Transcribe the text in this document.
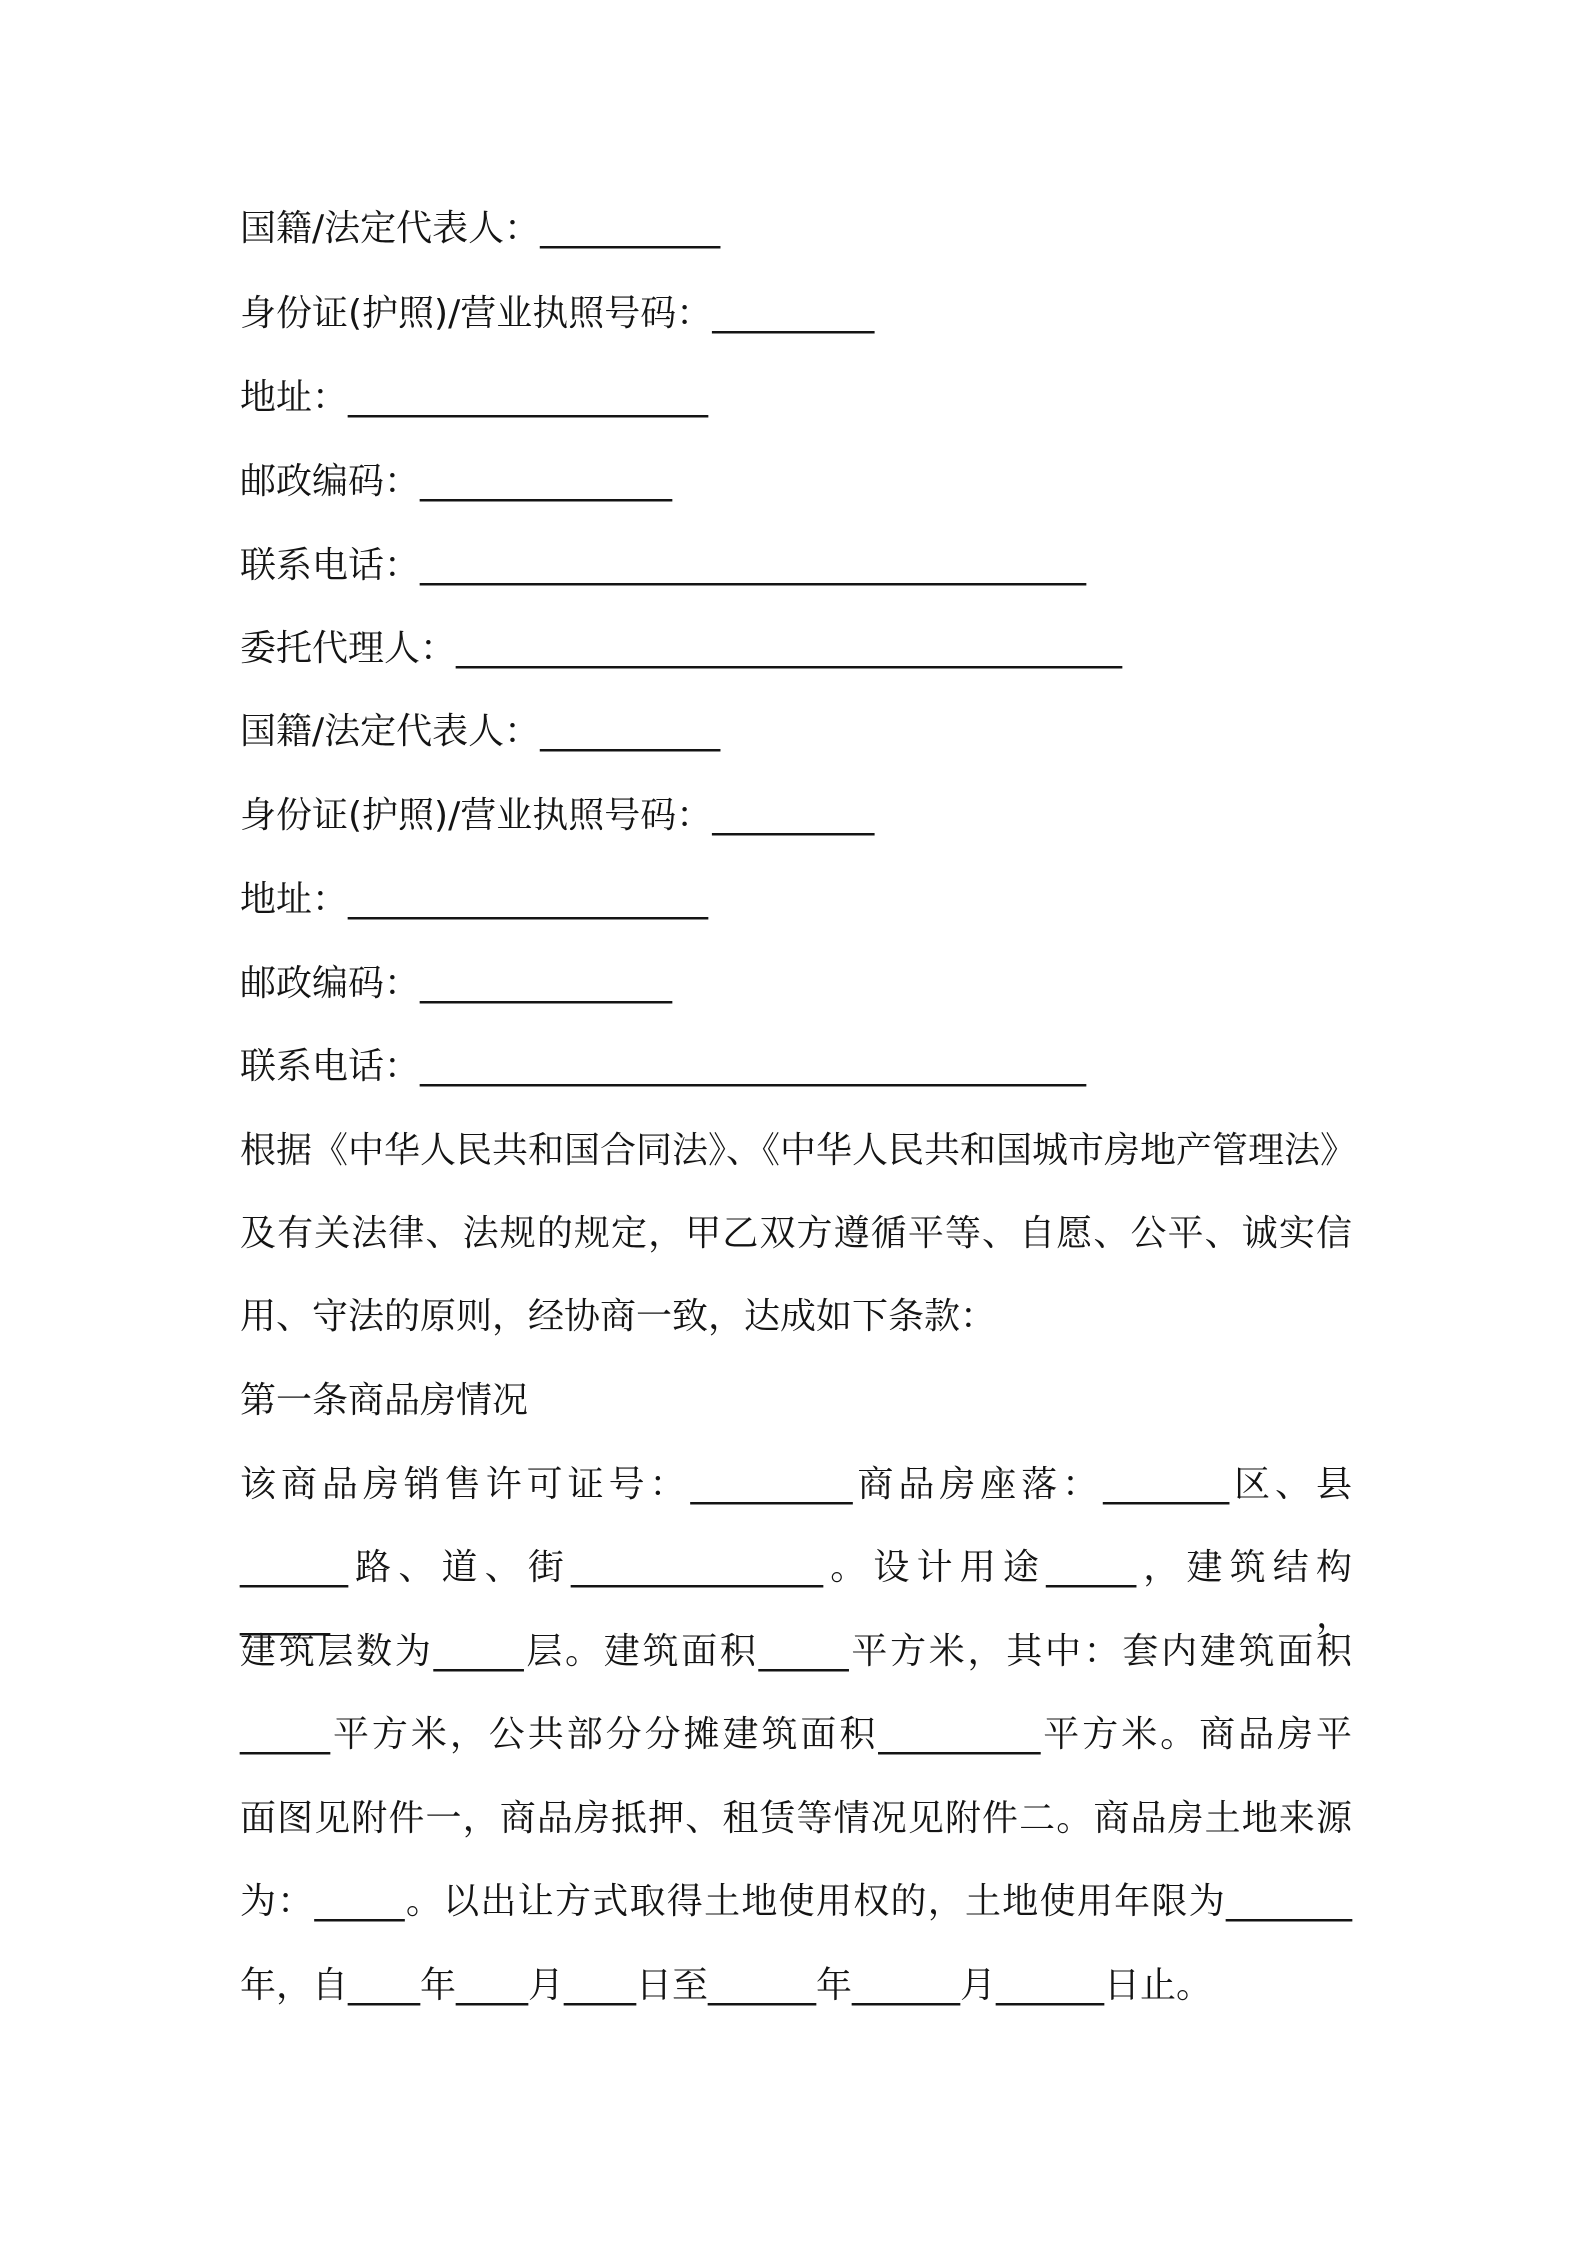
国籍/法定代表人：__________

身份证(护照)/营业执照号码：_________

地址：____________________

邮政编码：______________

联系电话：_____________________________________

委托代理人：_____________________________________

国籍/法定代表人：__________

身份证(护照)/营业执照号码：_________

地址：____________________

邮政编码：______________

联系电话：_____________________________________

根据《中华人民共和国合同法》、《中华人民共和国城市房地产管理法》

及有关法律、法规的规定，甲乙双方遵循平等、自愿、公平、诚实信

用、守法的原则，经协商一致，达成如下条款：

第一条商品房情况

该商品房销售许可证号：_________商品房座落：_______区、县

______路、道、街______________。设计用途_____，建筑结构_____，

建筑层数为_____层。建筑面积_____平方米，其中：套内建筑面积

_____平方米，公共部分分摊建筑面积_________平方米。商品房平

面图见附件一，商品房抵押、租赁等情况见附件二。商品房土地来源

为：_____。以出让方式取得土地使用权的，土地使用年限为_______

年，自____年____月____日至______年______月______日止。
